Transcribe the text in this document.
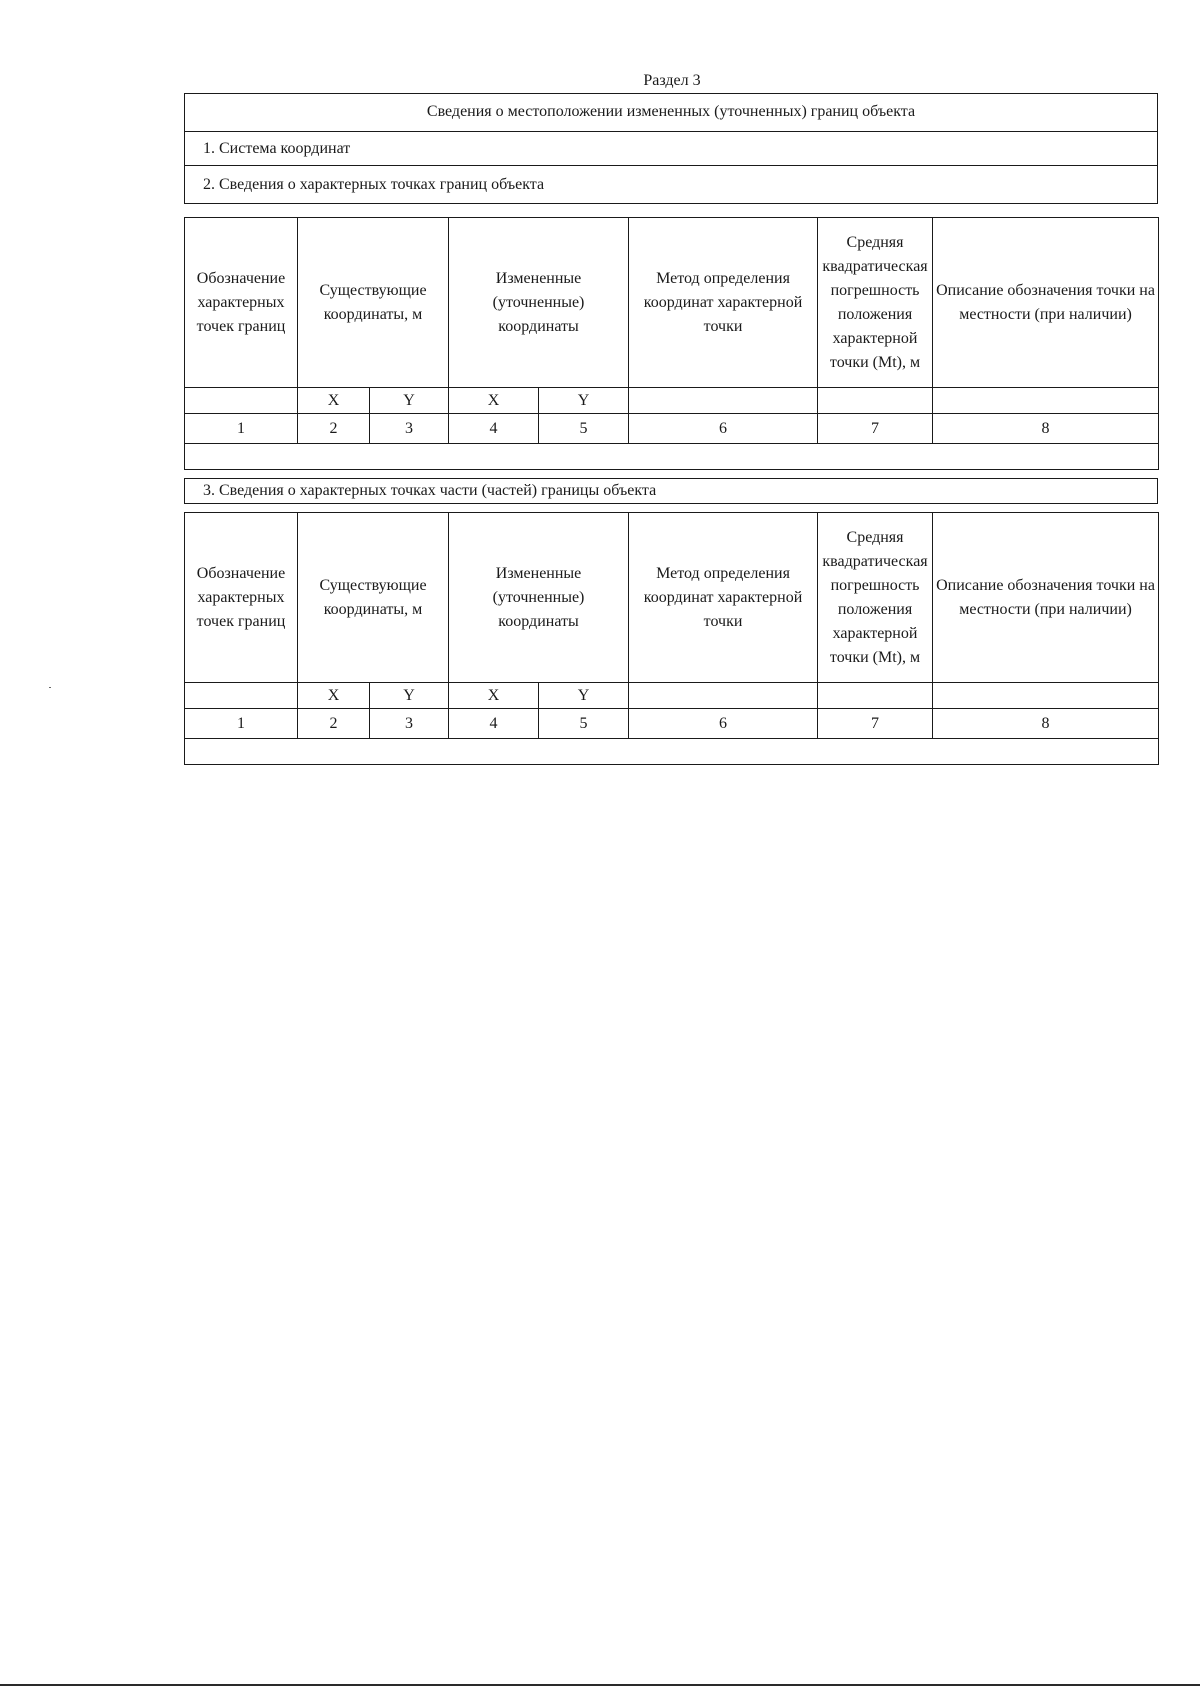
Раздел 3
Сведения о местоположении измененных (уточненных) границ объекта
1. Система координат
2. Сведения о характерных точках границ объекта
Обозначение характерных точек границ	Существующие координаты, м		Измененные (уточненные) координаты		Метод определения координат характерной точки	Средняя квадратическая погрешность положения характерной точки (Mt), м	Описание обозначения точки на местности (при наличии)
	X	Y	X	Y			
1	2	3	4	5	6	7	8

3. Сведения о характерных точках части (частей) границы объекта
Обозначение характерных точек границ	Существующие координаты, м		Измененные (уточненные) координаты		Метод определения координат характерной точки	Средняя квадратическая погрешность положения характерной точки (Mt), м	Описание обозначения точки на местности (при наличии)
	X	Y	X	Y			
1	2	3	4	5	6	7	8
